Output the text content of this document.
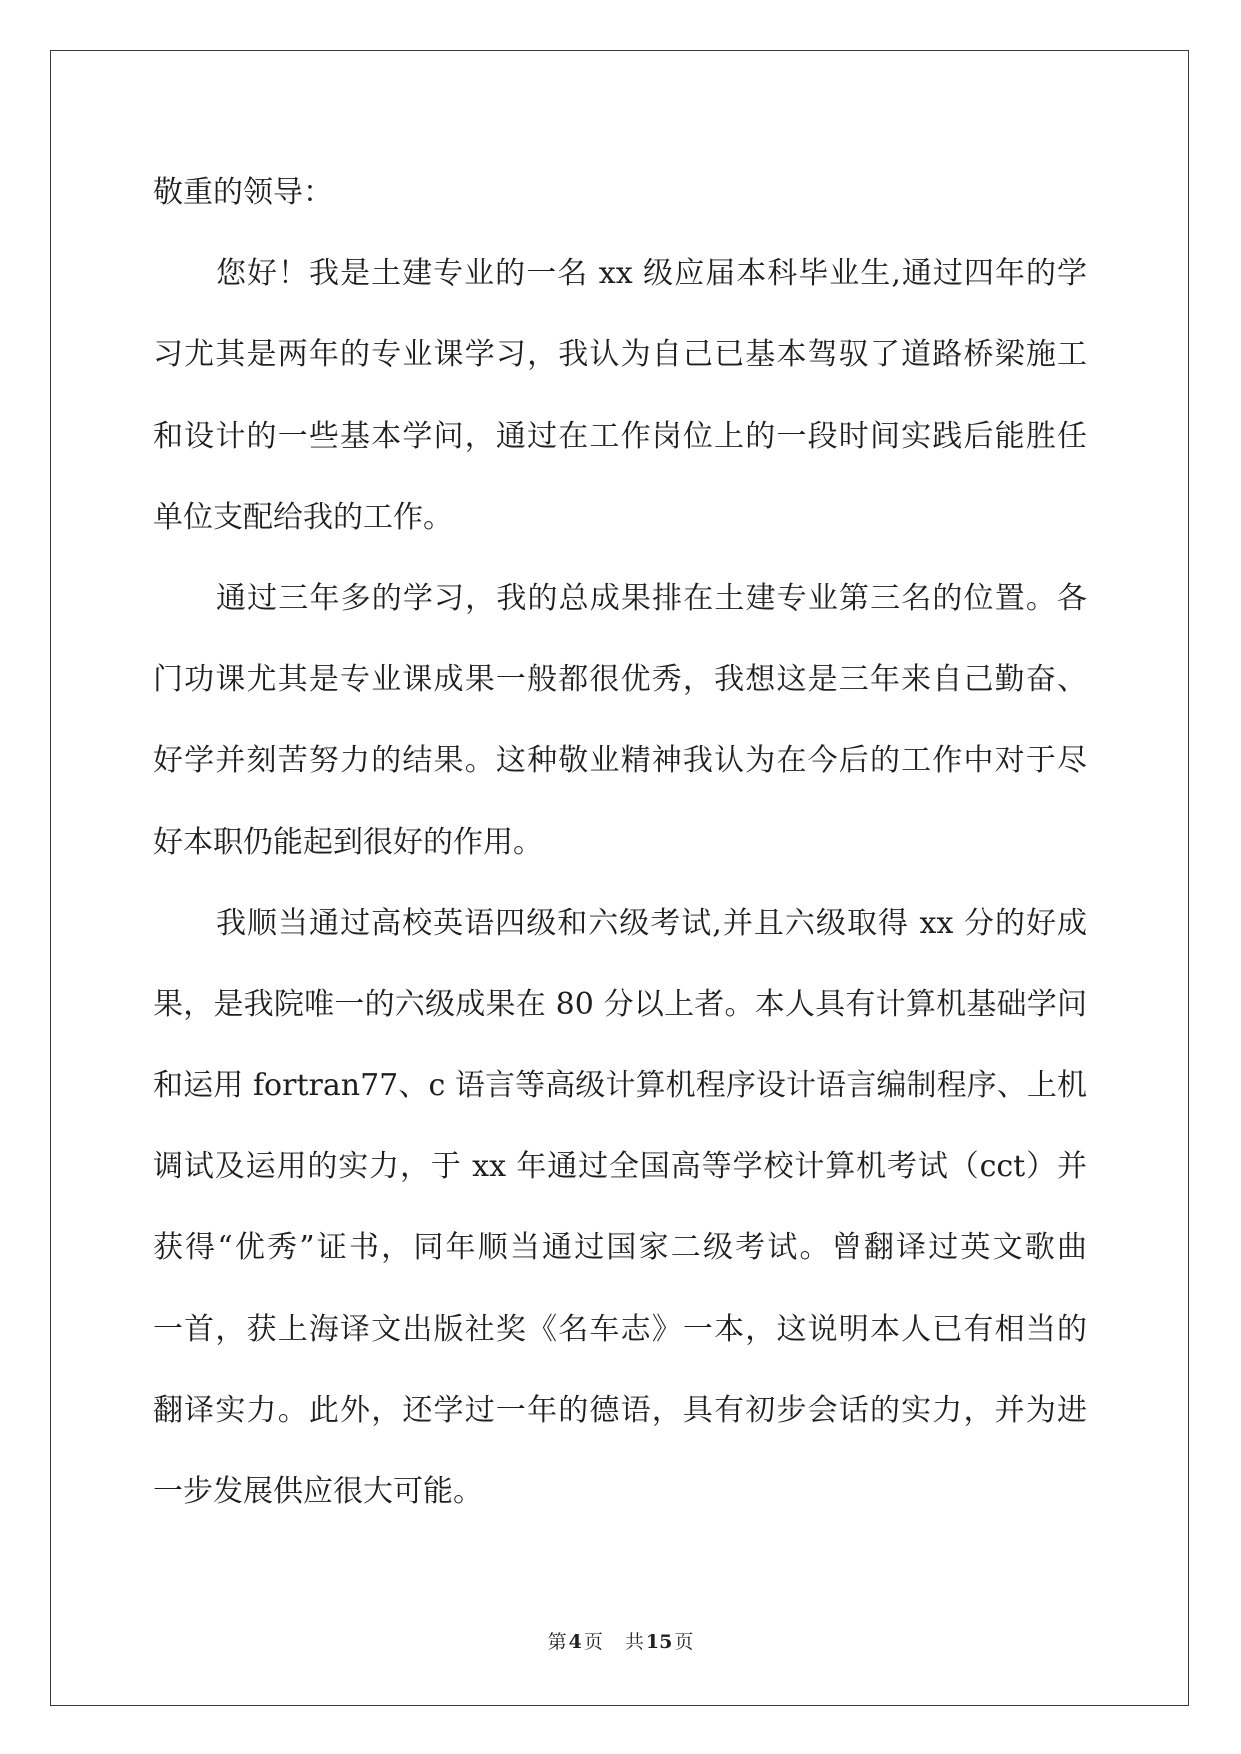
敬重的领导：
您好！我是土建专业的一名 xx 级应届本科毕业生,通过四年的学
习尤其是两年的专业课学习，我认为自己已基本驾驭了道路桥梁施工
和设计的一些基本学问，通过在工作岗位上的一段时间实践后能胜任
单位支配给我的工作。
通过三年多的学习，我的总成果排在土建专业第三名的位置。各
门功课尤其是专业课成果一般都很优秀，我想这是三年来自己勤奋、
好学并刻苦努力的结果。这种敬业精神我认为在今后的工作中对于尽
好本职仍能起到很好的作用。
我顺当通过高校英语四级和六级考试,并且六级取得 xx 分的好成
果，是我院唯一的六级成果在 80 分以上者。本人具有计算机基础学问
和运用 fortran77、c 语言等高级计算机程序设计语言编制程序、上机
调试及运用的实力，于 xx 年通过全国高等学校计算机考试（cct）并
获得“优秀”证书，同年顺当通过国家二级考试。曾翻译过英文歌曲
一首，获上海译文出版社奖《名车志》一本，这说明本人已有相当的
翻译实力。此外，还学过一年的德语，具有初步会话的实力，并为进
一步发展供应很大可能。
第 4 页 共 15 页
